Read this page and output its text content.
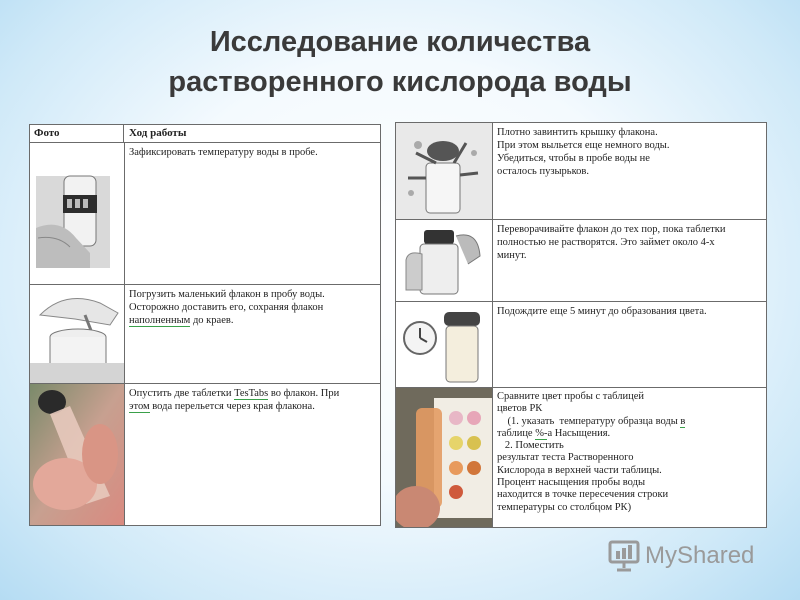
Исследование количества
растворенного кислорода воды
Фото	Ход работы
Зафиксировать температуру воды в пробе.
Погрузить маленький флакон в пробу воды.
Осторожно доставить его, сохраняя флакон
наполненным до краев.
Опустить две таблетки TesTabs во флакон. При
этом вода перельется через края флакона.
Плотно завинтить крышку флакона.
При этом выльется еще немного воды.
Убедиться, чтобы в пробе воды не
осталось пузырьков.
Переворачивайте флакон до тех пор, пока таблетки
полностью не растворятся. Это займет около 4-х
минут.
Подождите еще 5 минут до образования цвета.
Сравните цвет пробы с таблицей
цветов РК
(1. указать  температуру образца воды в
таблице %-а Насыщения.
2. Поместить
результат теста Растворенного
Кислорода в верхней части таблицы.
Процент насыщения пробы воды
находится в точке пересечения строки
температуры со столбцом РК)
MyShared
